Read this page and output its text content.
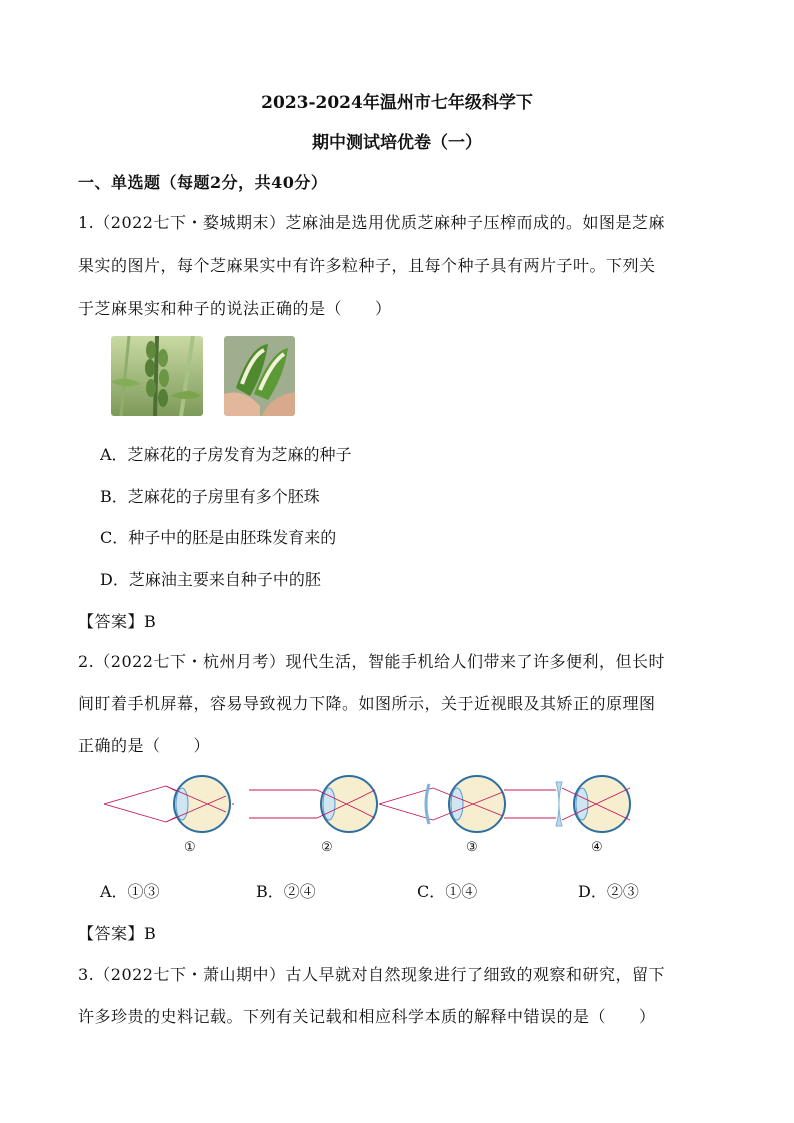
2023-2024年温州市七年级科学下
期中测试培优卷（一）
一、单选题（每题2分，共40分）
1.（2022七下・婺城期末）芝麻油是选用优质芝麻种子压榨而成的。如图是芝麻
果实的图片，每个芝麻果实中有许多粒种子，且每个种子具有两片子叶。下列关
于芝麻果实和种子的说法正确的是（　　）
A．芝麻花的子房发育为芝麻的种子
B．芝麻花的子房里有多个胚珠
C．种子中的胚是由胚珠发育来的
D．芝麻油主要来自种子中的胚
【答案】B
2.（2022七下・杭州月考）现代生活，智能手机给人们带来了许多便利，但长时
间盯着手机屏幕，容易导致视力下降。如图所示，关于近视眼及其矫正的原理图
正确的是（　　）
①	②	③	④
A．①③	B．②④	C．①④	D．②③
【答案】B
3.（2022七下・萧山期中）古人早就对自然现象进行了细致的观察和研究，留下
许多珍贵的史料记载。下列有关记载和相应科学本质的解释中错误的是（　　）
